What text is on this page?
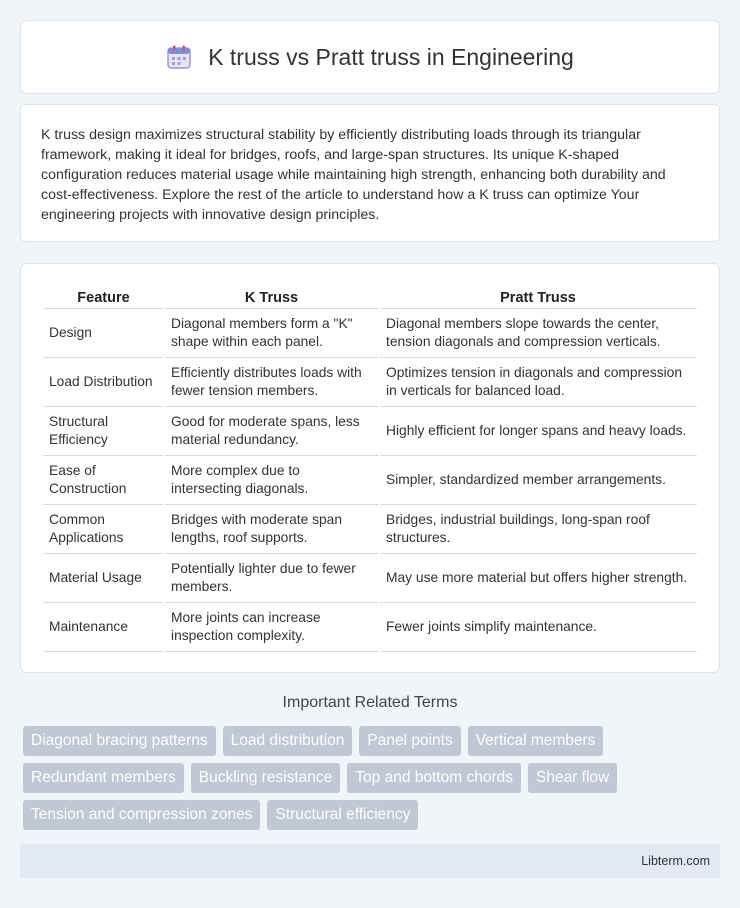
K truss vs Pratt truss in Engineering

K truss design maximizes structural stability by efficiently distributing loads through its triangular framework, making it ideal for bridges, roofs, and large-span structures. Its unique K-shaped configuration reduces material usage while maintaining high strength, enhancing both durability and cost-effectiveness. Explore the rest of the article to understand how a K truss can optimize Your engineering projects with innovative design principles.

Feature	K Truss	Pratt Truss
Design	Diagonal members form a "K" shape within each panel.	Diagonal members slope towards the center, tension diagonals and compression verticals.
Load Distribution	Efficiently distributes loads with fewer tension members.	Optimizes tension in diagonals and compression in verticals for balanced load.
Structural Efficiency	Good for moderate spans, less material redundancy.	Highly efficient for longer spans and heavy loads.
Ease of Construction	More complex due to intersecting diagonals.	Simpler, standardized member arrangements.
Common Applications	Bridges with moderate span lengths, roof supports.	Bridges, industrial buildings, long-span roof structures.
Material Usage	Potentially lighter due to fewer members.	May use more material but offers higher strength.
Maintenance	More joints can increase inspection complexity.	Fewer joints simplify maintenance.
Important Related Terms
Diagonal bracing patterns	Load distribution	Panel points	Vertical members
Redundant members	Buckling resistance	Top and bottom chords	Shear flow
Tension and compression zones	Structural efficiency
Libterm.com
